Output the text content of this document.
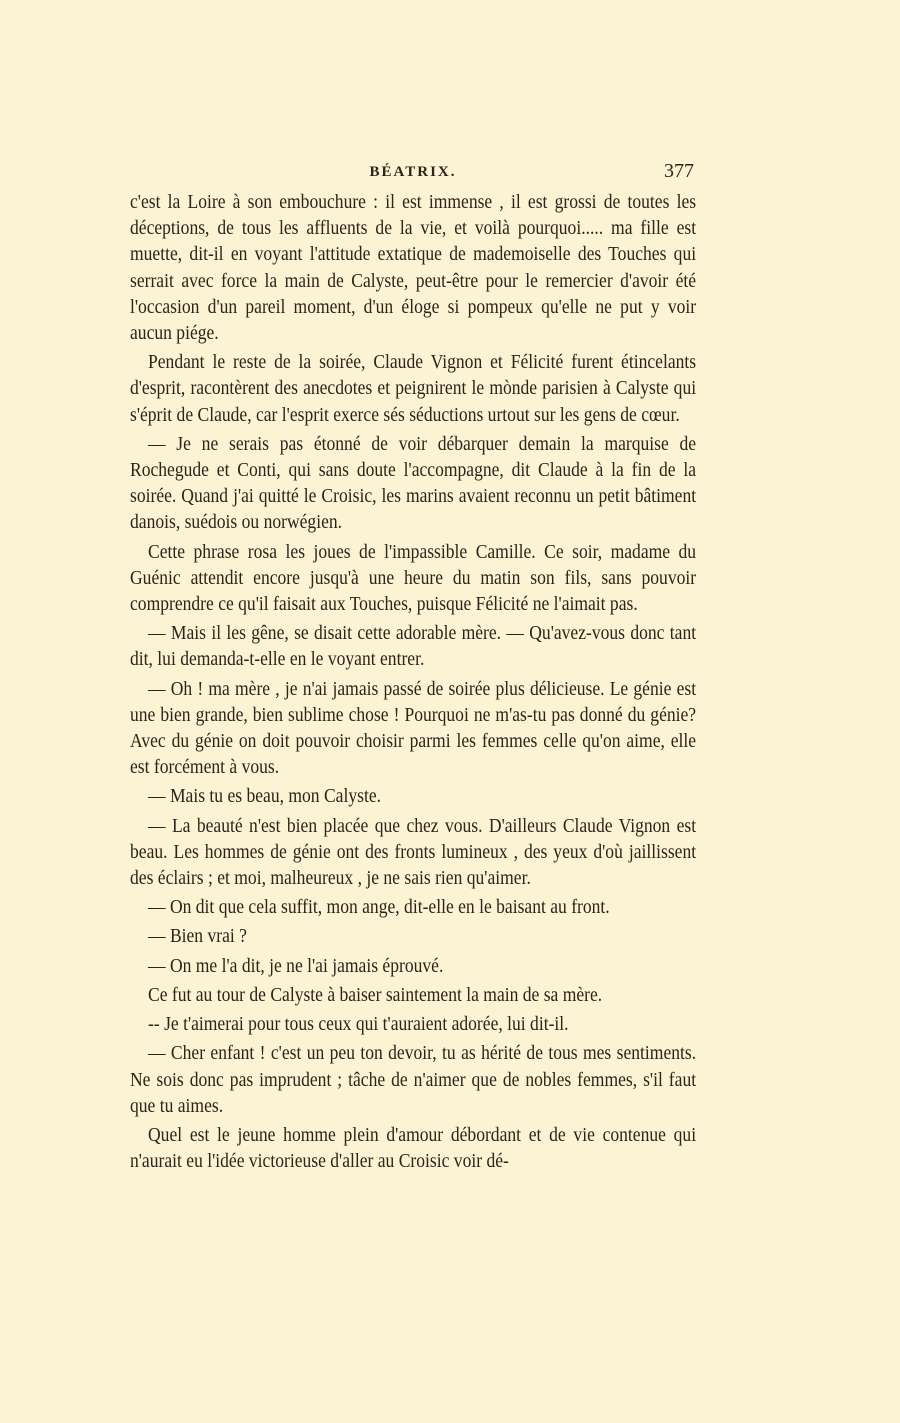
BÉATRIX.	377

c'est la Loire à son embouchure : il est immense , il est grossi de toutes les déceptions, de tous les affluents de la vie, et voilà pourquoi..... ma fille est muette, dit-il en voyant l'attitude extatique de mademoiselle des Touches qui serrait avec force la main de Calyste, peut-être pour le remercier d'avoir été l'occasion d'un pareil moment, d'un éloge si pompeux qu'elle ne put y voir aucun piége.

Pendant le reste de la soirée, Claude Vignon et Félicité furent étincelants d'esprit, racontèrent des anecdotes et peignirent le mònde parisien à Calyste qui s'éprit de Claude, car l'esprit exerce sés séductions urtout sur les gens de cœur.

— Je ne serais pas étonné de voir débarquer demain la marquise de Rochegude et Conti, qui sans doute l'accompagne, dit Claude à la fin de la soirée. Quand j'ai quitté le Croisic, les marins avaient reconnu un petit bâtiment danois, suédois ou norwégien.

Cette phrase rosa les joues de l'impassible Camille. Ce soir, madame du Guénic attendit encore jusqu'à une heure du matin son fils, sans pouvoir comprendre ce qu'il faisait aux Touches, puisque Félicité ne l'aimait pas.

— Mais il les gêne, se disait cette adorable mère. — Qu'avez-vous donc tant dit, lui demanda-t-elle en le voyant entrer.

— Oh ! ma mère , je n'ai jamais passé de soirée plus délicieuse. Le génie est une bien grande, bien sublime chose ! Pourquoi ne m'as-tu pas donné du génie? Avec du génie on doit pouvoir choisir parmi les femmes celle qu'on aime, elle est forcément à vous.

— Mais tu es beau, mon Calyste.

— La beauté n'est bien placée que chez vous. D'ailleurs Claude Vignon est beau. Les hommes de génie ont des fronts lumineux , des yeux d'où jaillissent des éclairs ; et moi, malheureux , je ne sais rien qu'aimer.

— On dit que cela suffit, mon ange, dit-elle en le baisant au front.

— Bien vrai ?

— On me l'a dit, je ne l'ai jamais éprouvé.

Ce fut au tour de Calyste à baiser saintement la main de sa mère.

-- Je t'aimerai pour tous ceux qui t'auraient adorée, lui dit-il.

— Cher enfant ! c'est un peu ton devoir, tu as hérité de tous mes sentiments. Ne sois donc pas imprudent ; tâche de n'aimer que de nobles femmes, s'il faut que tu aimes.

Quel est le jeune homme plein d'amour débordant et de vie contenue qui n'aurait eu l'idée victorieuse d'aller au Croisic voir dé-
